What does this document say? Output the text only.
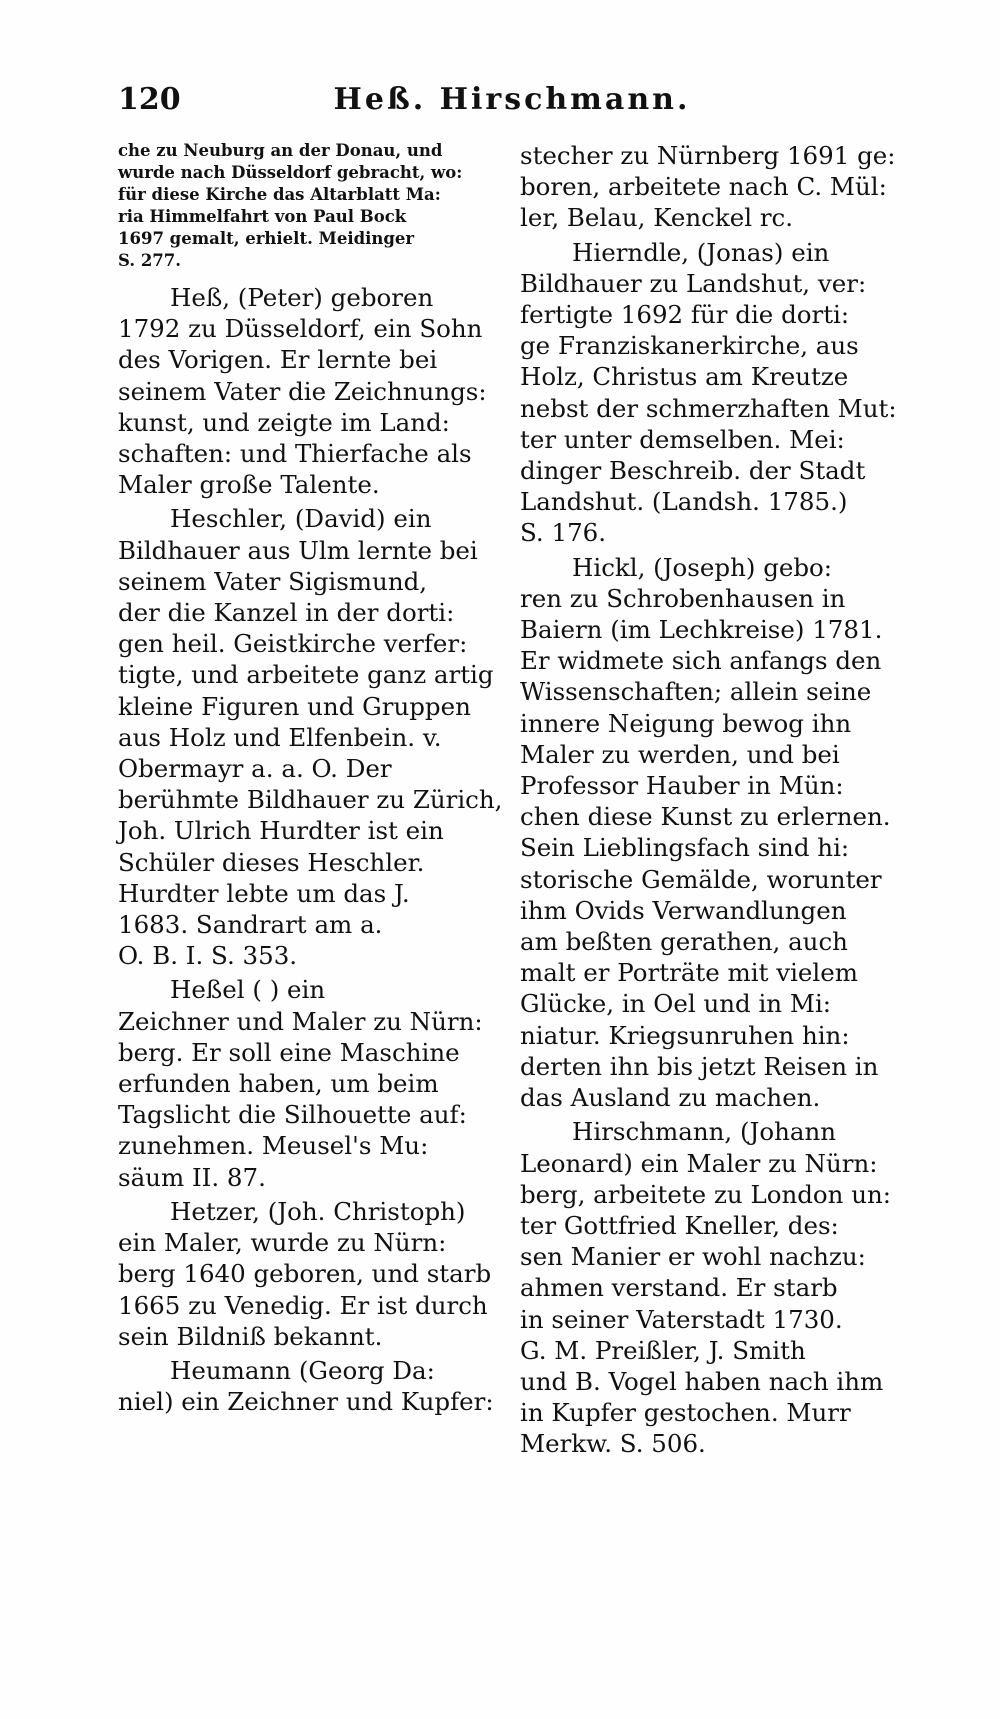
120	Heß. Hirschmann.

che zu Neuburg an der Donau, und
wurde nach Düsseldorf gebracht, wo:
für diese Kirche das Altarblatt Ma:
ria Himmelfahrt von Paul Bock
1697 gemalt, erhielt. Meidinger
S. 277.

Heß, (Peter) geboren
1792 zu Düsseldorf, ein Sohn
des Vorigen. Er lernte bei
seinem Vater die Zeichnungs:
kunst, und zeigte im Land:
schaften: und Thierfache als
Maler große Talente.

Heschler, (David) ein
Bildhauer aus Ulm lernte bei
seinem Vater Sigismund,
der die Kanzel in der dorti:
gen heil. Geistkirche verfer:
tigte, und arbeitete ganz artig
kleine Figuren und Gruppen
aus Holz und Elfenbein. v.
Obermayr a. a. O. Der
berühmte Bildhauer zu Zürich,
Joh. Ulrich Hurdter ist ein
Schüler dieses Heschler.
Hurdter lebte um das J.
1683. Sandrart am a.
O. B. I. S. 353.

Heßel ( ) ein
Zeichner und Maler zu Nürn:
berg. Er soll eine Maschine
erfunden haben, um beim
Tagslicht die Silhouette auf:
zunehmen. Meusel's Mu:
säum II. 87.

Hetzer, (Joh. Christoph)
ein Maler, wurde zu Nürn:
berg 1640 geboren, und starb
1665 zu Venedig. Er ist durch
sein Bildniß bekannt.

Heumann (Georg Da:
niel) ein Zeichner und Kupfer:

stecher zu Nürnberg 1691 ge:
boren, arbeitete nach C. Mül:
ler, Belau, Kenckel rc.

Hierndle, (Jonas) ein
Bildhauer zu Landshut, ver:
fertigte 1692 für die dorti:
ge Franziskanerkirche, aus
Holz, Christus am Kreutze
nebst der schmerzhaften Mut:
ter unter demselben. Mei:
dinger Beschreib. der Stadt
Landshut. (Landsh. 1785.)
S. 176.

Hickl, (Joseph) gebo:
ren zu Schrobenhausen in
Baiern (im Lechkreise) 1781.
Er widmete sich anfangs den
Wissenschaften; allein seine
innere Neigung bewog ihn
Maler zu werden, und bei
Professor Hauber in Mün:
chen diese Kunst zu erlernen.
Sein Lieblingsfach sind hi:
storische Gemälde, worunter
ihm Ovids Verwandlungen
am beßten gerathen, auch
malt er Porträte mit vielem
Glücke, in Oel und in Mi:
niatur. Kriegsunruhen hin:
derten ihn bis jetzt Reisen in
das Ausland zu machen.

Hirschmann, (Johann
Leonard) ein Maler zu Nürn:
berg, arbeitete zu London un:
ter Gottfried Kneller, des:
sen Manier er wohl nachzu:
ahmen verstand. Er starb
in seiner Vaterstadt 1730.
G. M. Preißler, J. Smith
und B. Vogel haben nach ihm
in Kupfer gestochen. Murr
Merkw. S. 506.
